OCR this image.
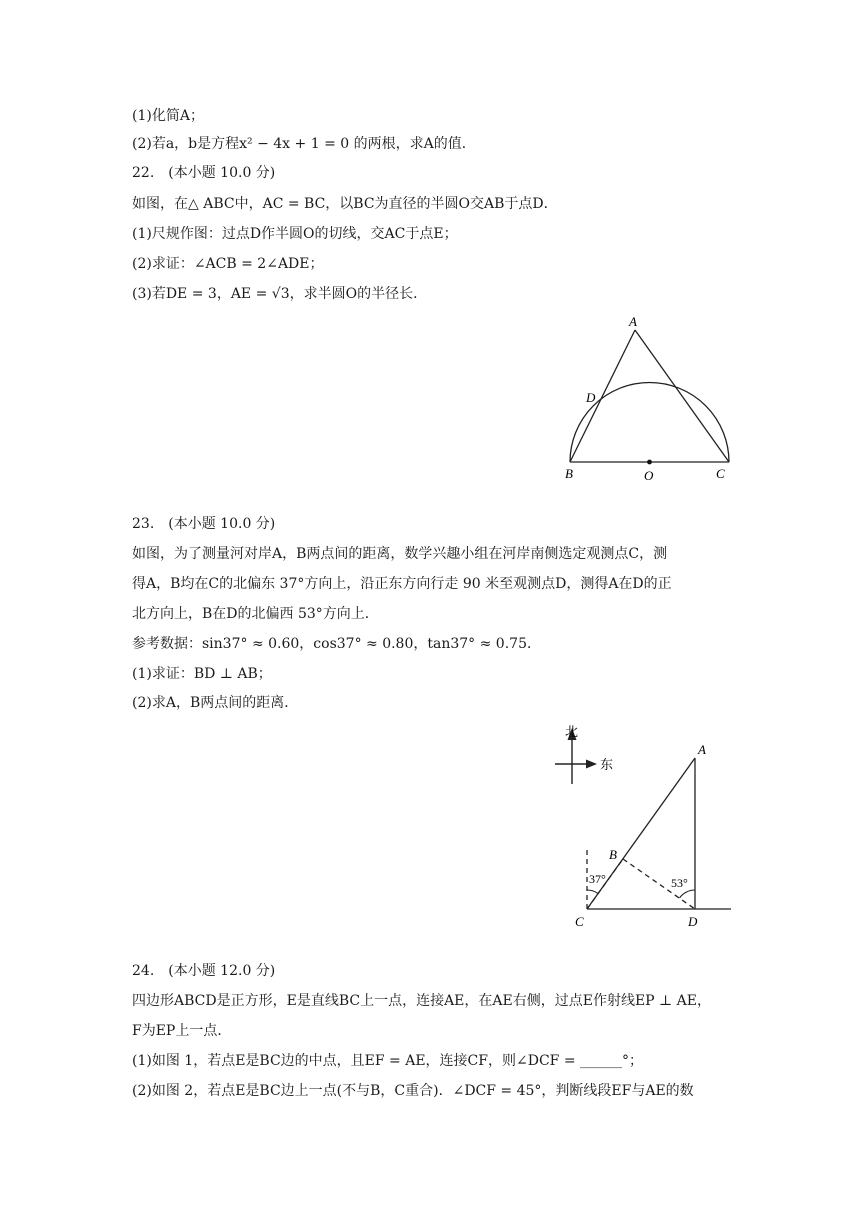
(1)化简A；
(2)若a，b是方程x² − 4x + 1 = 0 的两根，求A的值．
22.　(本小题 10.0 分)
如图，在△ ABC中，AC = BC，以BC为直径的半圆O交AB于点D．
(1)尺规作图：过点D作半圆O的切线，交AC于点E；
(2)求证：∠ACB = 2∠ADE；
(3)若DE = 3，AE = √3，求半圆O的半径长．
A
D
B	O	C
23.　(本小题 10.0 分)
如图，为了测量河对岸A，B两点间的距离，数学兴趣小组在河岸南侧选定观测点C，测
得A，B均在C的北偏东 37°方向上，沿正东方向行走 90 米至观测点D，测得A在D的正
北方向上，B在D的北偏西 53°方向上．
参考数据：sin37° ≈ 0.60，cos37° ≈ 0.80，tan37° ≈ 0.75．
(1)求证：BD ⊥ AB；
(2)求A，B两点间的距离．
北
东
A
B
C	D
37°	53°
24.　(本小题 12.0 分)
四边形ABCD是正方形，E是直线BC上一点，连接AE，在AE右侧，过点E作射线EP ⊥ AE，
F为EP上一点．
(1)如图 1，若点E是BC边的中点，且EF = AE，连接CF，则∠DCF = ______°；
(2)如图 2，若点E是BC边上一点(不与B，C重合)．∠DCF = 45°，判断线段EF与AE的数
